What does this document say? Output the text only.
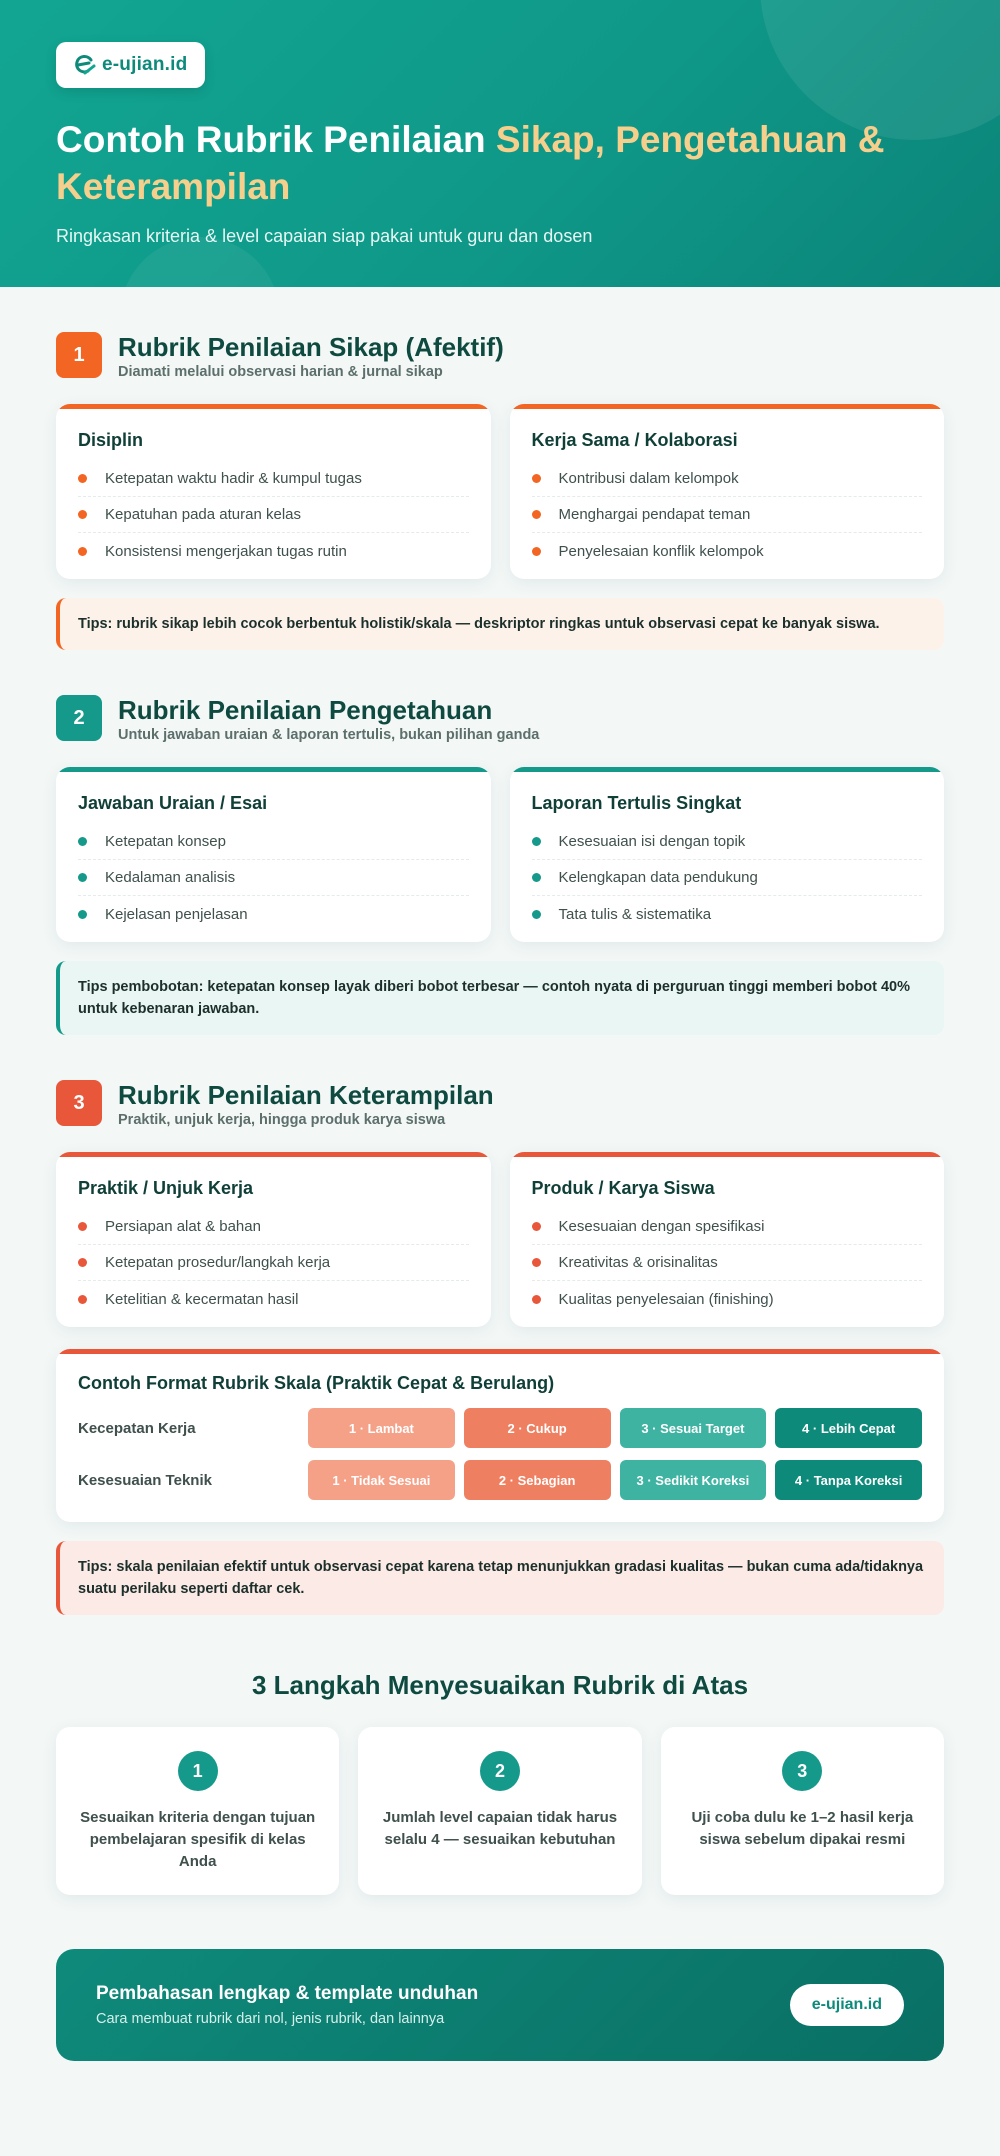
e-ujian.id
Contoh Rubrik Penilaian Sikap, Pengetahuan & Keterampilan

Ringkasan kriteria & level capaian siap pakai untuk guru dan dosen

1	Rubrik Penilaian Sikap (Afektif)

Diamati melalui observasi harian & jurnal sikap

Disiplin
Ketepatan waktu hadir & kumpul tugas
Kepatuhan pada aturan kelas
Konsistensi mengerjakan tugas rutin
Kerja Sama / Kolaborasi
Kontribusi dalam kelompok
Menghargai pendapat teman
Penyelesaian konflik kelompok
Tips: rubrik sikap lebih cocok berbentuk holistik/skala — deskriptor ringkas untuk observasi cepat ke banyak siswa.
2	Rubrik Penilaian Pengetahuan

Untuk jawaban uraian & laporan tertulis, bukan pilihan ganda

Jawaban Uraian / Esai
Ketepatan konsep
Kedalaman analisis
Kejelasan penjelasan
Laporan Tertulis Singkat
Kesesuaian isi dengan topik
Kelengkapan data pendukung
Tata tulis & sistematika
Tips pembobotan: ketepatan konsep layak diberi bobot terbesar — contoh nyata di perguruan tinggi memberi bobot 40% untuk kebenaran jawaban.
3	Rubrik Penilaian Keterampilan

Praktik, unjuk kerja, hingga produk karya siswa

Praktik / Unjuk Kerja
Persiapan alat & bahan
Ketepatan prosedur/langkah kerja
Ketelitian & kecermatan hasil
Produk / Karya Siswa
Kesesuaian dengan spesifikasi
Kreativitas & orisinalitas
Kualitas penyelesaian (finishing)
Contoh Format Rubrik Skala (Praktik Cepat & Berulang)
Kecepatan Kerja	1 · Lambat	2 · Cukup	3 · Sesuai Target	4 · Lebih Cepat
Kesesuaian Teknik	1 · Tidak Sesuai	2 · Sebagian	3 · Sedikit Koreksi	4 · Tanpa Koreksi
Tips: skala penilaian efektif untuk observasi cepat karena tetap menunjukkan gradasi kualitas — bukan cuma ada/tidaknya suatu perilaku seperti daftar cek.
3 Langkah Menyesuaikan Rubrik di Atas
1

Sesuaikan kriteria dengan tujuan pembelajaran spesifik di kelas Anda

2

Jumlah level capaian tidak harus selalu 4 — sesuaikan kebutuhan

3

Uji coba dulu ke 1–2 hasil kerja siswa sebelum dipakai resmi

Pembahasan lengkap & template unduhan
Cara membuat rubrik dari nol, jenis rubrik, dan lainnya
e-ujian.id
